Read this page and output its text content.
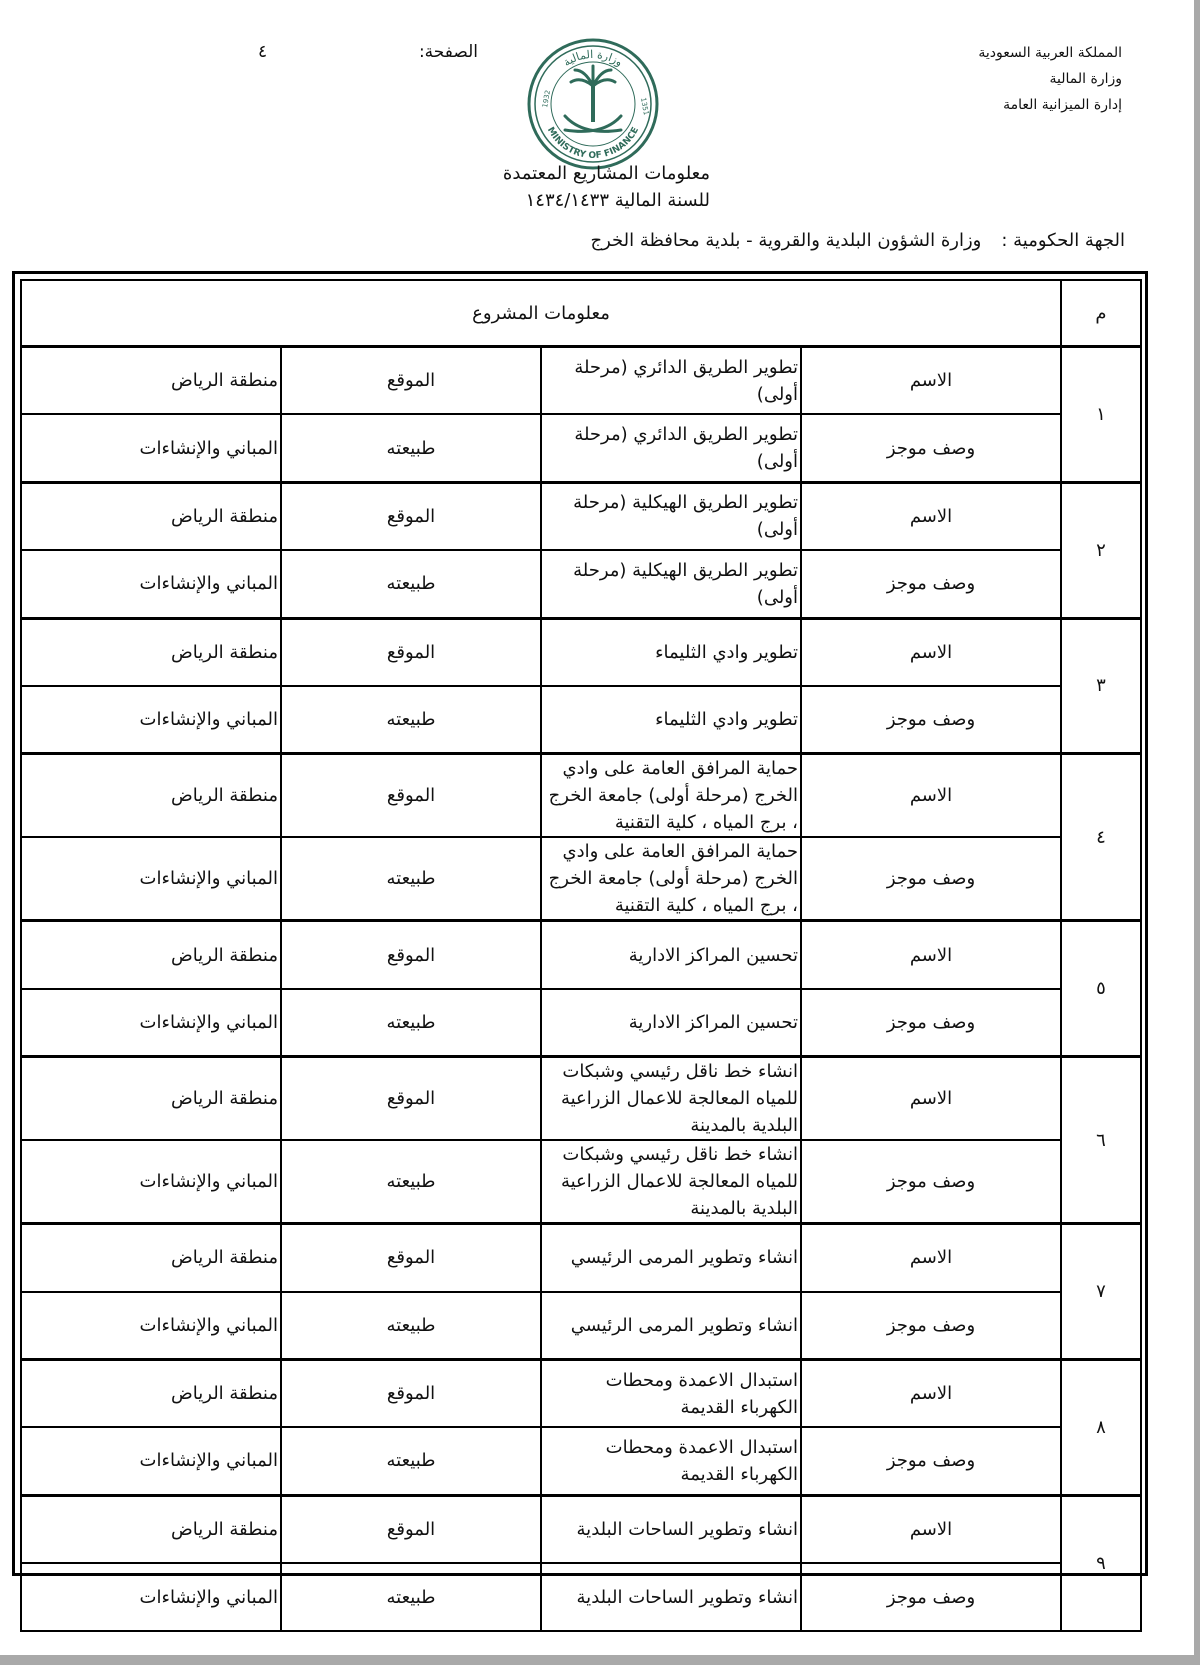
المملكة العربية السعودية
وزارة المالية
إدارة الميزانية العامة
الصفحة:
٤	وزارة المالية
MINISTRY OF FINANCE
1932	1351
معلومات المشاريع المعتمدة
للسنة المالية ١٤٣٤/١٤٣٣
الجهة الحكومية :وزارة الشؤون البلدية والقروية - بلدية محافظة الخرج
م	معلومات المشروع			
١	الاسم	تطوير الطريق الدائري (مرحلة أولى)	الموقع	منطقة الرياض
	وصف موجز	تطوير الطريق الدائري (مرحلة أولى)	طبيعته	المباني والإنشاءات
٢	الاسم	تطوير الطريق الهيكلية (مرحلة أولى)	الموقع	منطقة الرياض
	وصف موجز	تطوير الطريق الهيكلية (مرحلة أولى)	طبيعته	المباني والإنشاءات
٣	الاسم	تطوير وادي الثليماء	الموقع	منطقة الرياض
	وصف موجز	تطوير وادي الثليماء	طبيعته	المباني والإنشاءات
٤	الاسم	حماية المرافق العامة على وادي الخرج (مرحلة أولى) جامعة الخرج ، برج المياه ، كلية التقنية	الموقع	منطقة الرياض
	وصف موجز	حماية المرافق العامة على وادي الخرج (مرحلة أولى) جامعة الخرج ، برج المياه ، كلية التقنية	طبيعته	المباني والإنشاءات
٥	الاسم	تحسين المراكز الادارية	الموقع	منطقة الرياض
	وصف موجز	تحسين المراكز الادارية	طبيعته	المباني والإنشاءات
٦	الاسم	انشاء خط ناقل رئيسي وشبكات للمياه المعالجة للاعمال الزراعية البلدية بالمدينة	الموقع	منطقة الرياض
	وصف موجز	انشاء خط ناقل رئيسي وشبكات للمياه المعالجة للاعمال الزراعية البلدية بالمدينة	طبيعته	المباني والإنشاءات
٧	الاسم	انشاء وتطوير المرمى الرئيسي	الموقع	منطقة الرياض
	وصف موجز	انشاء وتطوير المرمى الرئيسي	طبيعته	المباني والإنشاءات
٨	الاسم	استبدال الاعمدة ومحطات الكهرباء القديمة	الموقع	منطقة الرياض
	وصف موجز	استبدال الاعمدة ومحطات الكهرباء القديمة	طبيعته	المباني والإنشاءات
٩	الاسم	انشاء وتطوير الساحات البلدية	الموقع	منطقة الرياض
	وصف موجز	انشاء وتطوير الساحات البلدية	طبيعته	المباني والإنشاءات
